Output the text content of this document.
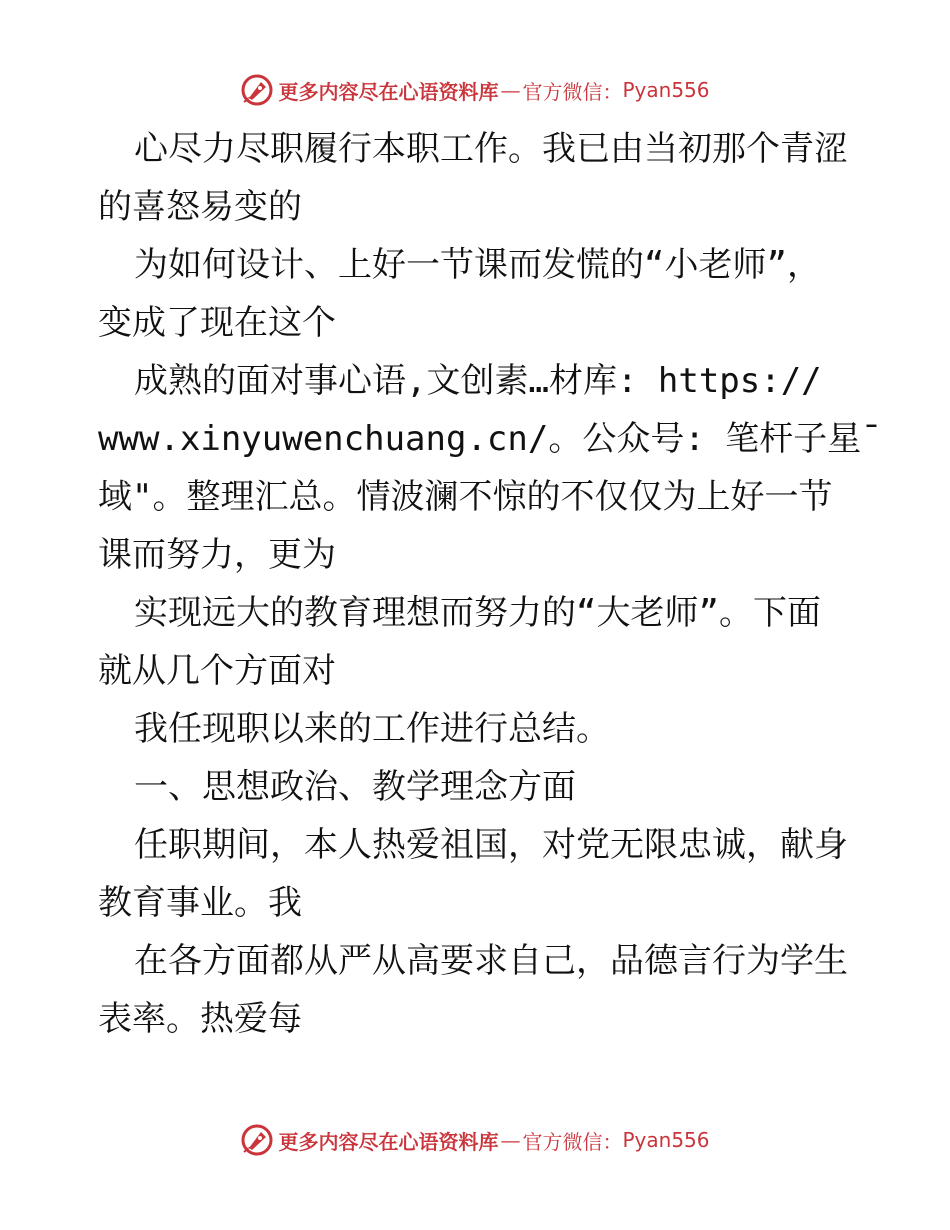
更多内容尽在心语资料库 — 官方微信： Pyan556
心尽力尽职履行本职工作。我已由当初那个青涩
的喜怒易变的
为如何设计、上好一节课而发慌的“小老师”，
变成了现在这个
成熟的面对事心语,文创素…材库: https://
www.xinyuwenchuang.cn/。公众号: 笔杆子星¯
域"。整理汇总。情波澜不惊的不仅仅为上好一节
课而努力，更为
实现远大的教育理想而努力的“大老师”。下面
就从几个方面对
我任现职以来的工作进行总结。
一、思想政治、教学理念方面
任职期间，本人热爱祖国，对党无限忠诚，献身
教育事业。我
在各方面都从严从高要求自己，品德言行为学生
表率。热爱每
更多内容尽在心语资料库 — 官方微信： Pyan556
